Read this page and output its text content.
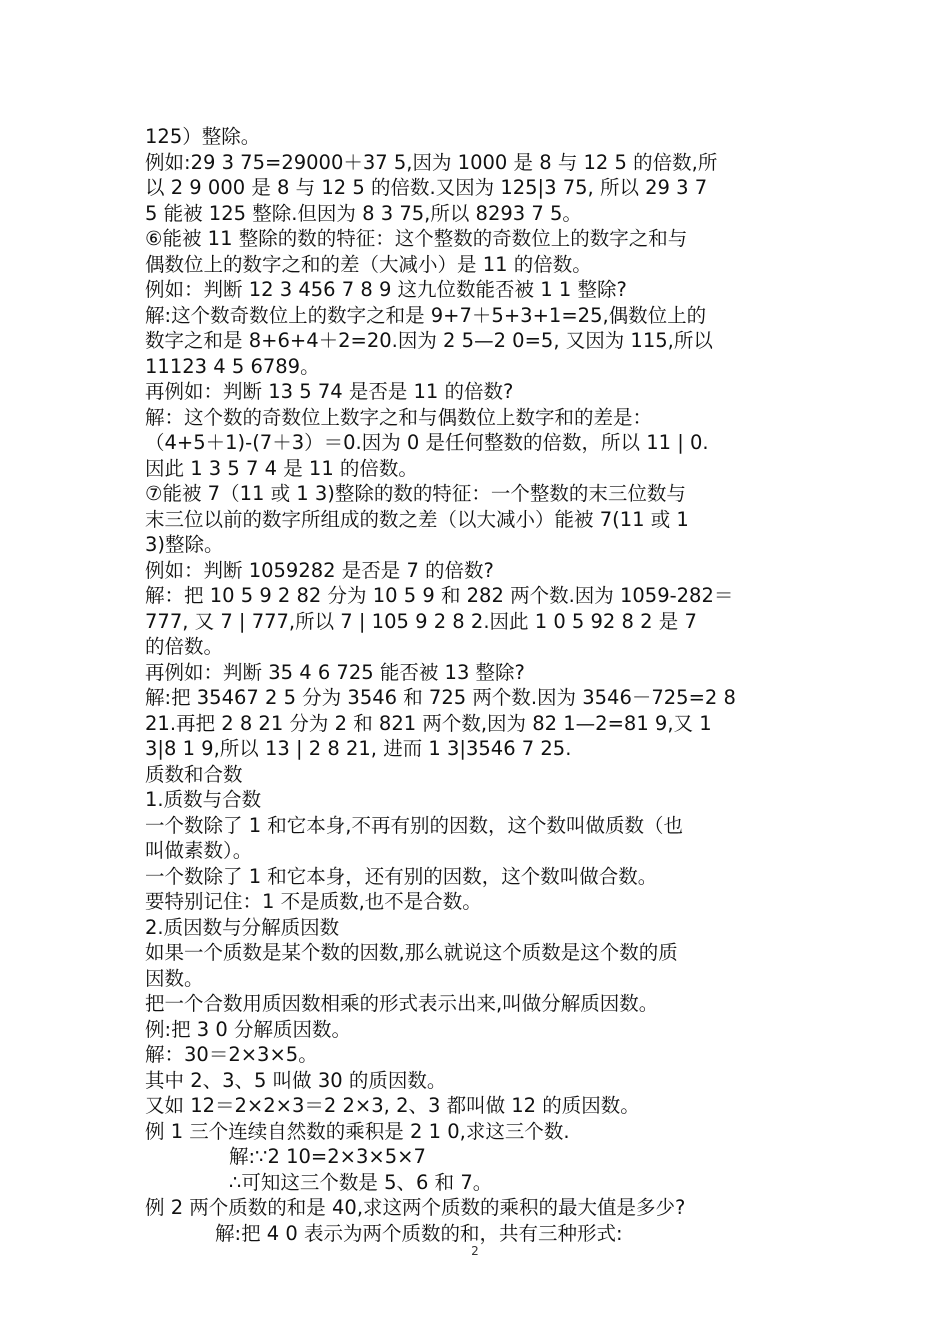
125）整除。
例如:29 3 75=29000＋37 5,因为 1000 是 8 与 12 5 的倍数,所
以 2 9 000 是 8 与 12 5 的倍数.又因为 125|3 75, 所以 29 3 7
5 能被 125 整除.但因为 8 3 75,所以 8293 7 5。
⑥能被 11 整除的数的特征：这个整数的奇数位上的数字之和与
偶数位上的数字之和的差（大减小）是 11 的倍数。
例如：判断 12 3 456 7 8 9 这九位数能否被 1 1 整除?
解:这个数奇数位上的数字之和是 9+7＋5+3+1=25,偶数位上的
数字之和是 8+6+4＋2=20.因为 2 5—2 0=5, 又因为 115,所以
11123 4 5 6789。
再例如：判断 13 5 74 是否是 11 的倍数?
解：这个数的奇数位上数字之和与偶数位上数字和的差是：
（4+5＋1)-(7＋3）＝0.因为 0 是任何整数的倍数，所以 11 | 0.
因此 1 3 5 7 4 是 11 的倍数。
⑦能被 7（11 或 1 3)整除的数的特征：一个整数的末三位数与
末三位以前的数字所组成的数之差（以大减小）能被 7(11 或 1
3)整除。
例如：判断 1059282 是否是 7 的倍数?
解：把 10 5 9 2 82 分为 10 5 9 和 282 两个数.因为 1059-282＝
777, 又 7 | 777,所以 7 | 105 9 2 8 2.因此 1 0 5 92 8 2 是 7
的倍数。
再例如：判断 35 4 6 725 能否被 13 整除?
解:把 35467 2 5 分为 3546 和 725 两个数.因为 3546－725=2 8
21.再把 2 8 21 分为 2 和 821 两个数,因为 82 1—2=81 9,又 1
3|8 1 9,所以 13 | 2 8 21, 进而 1 3|3546 7 25.
质数和合数
1.质数与合数
一个数除了 1 和它本身,不再有别的因数，这个数叫做质数（也
叫做素数）。
一个数除了 1 和它本身，还有别的因数，这个数叫做合数。
要特别记住：1 不是质数,也不是合数。
2.质因数与分解质因数
如果一个质数是某个数的因数,那么就说这个质数是这个数的质
因数。
把一个合数用质因数相乘的形式表示出来,叫做分解质因数。
例:把 3 0 分解质因数。
解：30＝2×3×5。
其中 2、3、5 叫做 30 的质因数。
又如 12＝2×2×3＝2 2×3, 2、3 都叫做 12 的质因数。
例 1 三个连续自然数的乘积是 2 1 0,求这三个数.
解:∵2 10=2×3×5×7
∴可知这三个数是 5、6 和 7。
例 2 两个质数的和是 40,求这两个质数的乘积的最大值是多少?
解:把 4 0 表示为两个质数的和，共有三种形式:
2
